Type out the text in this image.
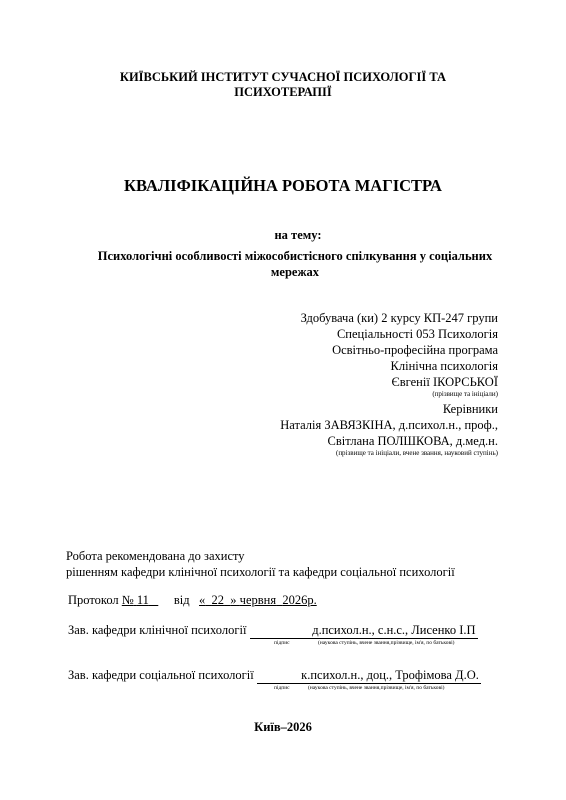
КИЇВСЬКИЙ ІНСТИТУТ СУЧАСНОЇ ПСИХОЛОГІЇ ТА
ПСИХОТЕРАПІЇ
КВАЛІФІКАЦІЙНА РОБОТА МАГІСТРА
на тему:
Психологічні особливості міжособистісного спілкування у соціальних
мережах
Здобувача (ки) 2 курсу КП-247 групи
Спеціальності 053 Психологія
Освітньо-професійна програма
Клінічна психологія
Євгенії ІКОРСЬКОЇ
(прізвище та ініціали)
Керівники
Наталія ЗАВЯЗКІНА, д.психол.н., проф.,
Світлана ПОЛШКОВА, д.мед.н.
(прізвище та ініціали, вчене звання, науковий ступінь)
Робота рекомендована до захисту
рішенням кафедри клінічної психології та кафедри соціальної психології
Протокол № 11 від « 22 » червня 2026р.
Зав. кафедри клінічної психології	д.психол.н., с.н.с., Лисенко І.П
підпис	(наукова ступінь, вчене звання,прізвище, ім'я, по батькові)
Зав. кафедри соціальної психології	к.психол.н., доц., Трофімова Д.О.
підпис	(наукова ступінь, вчене звання,прізвище, ім'я, по батькові)
Київ–2026
